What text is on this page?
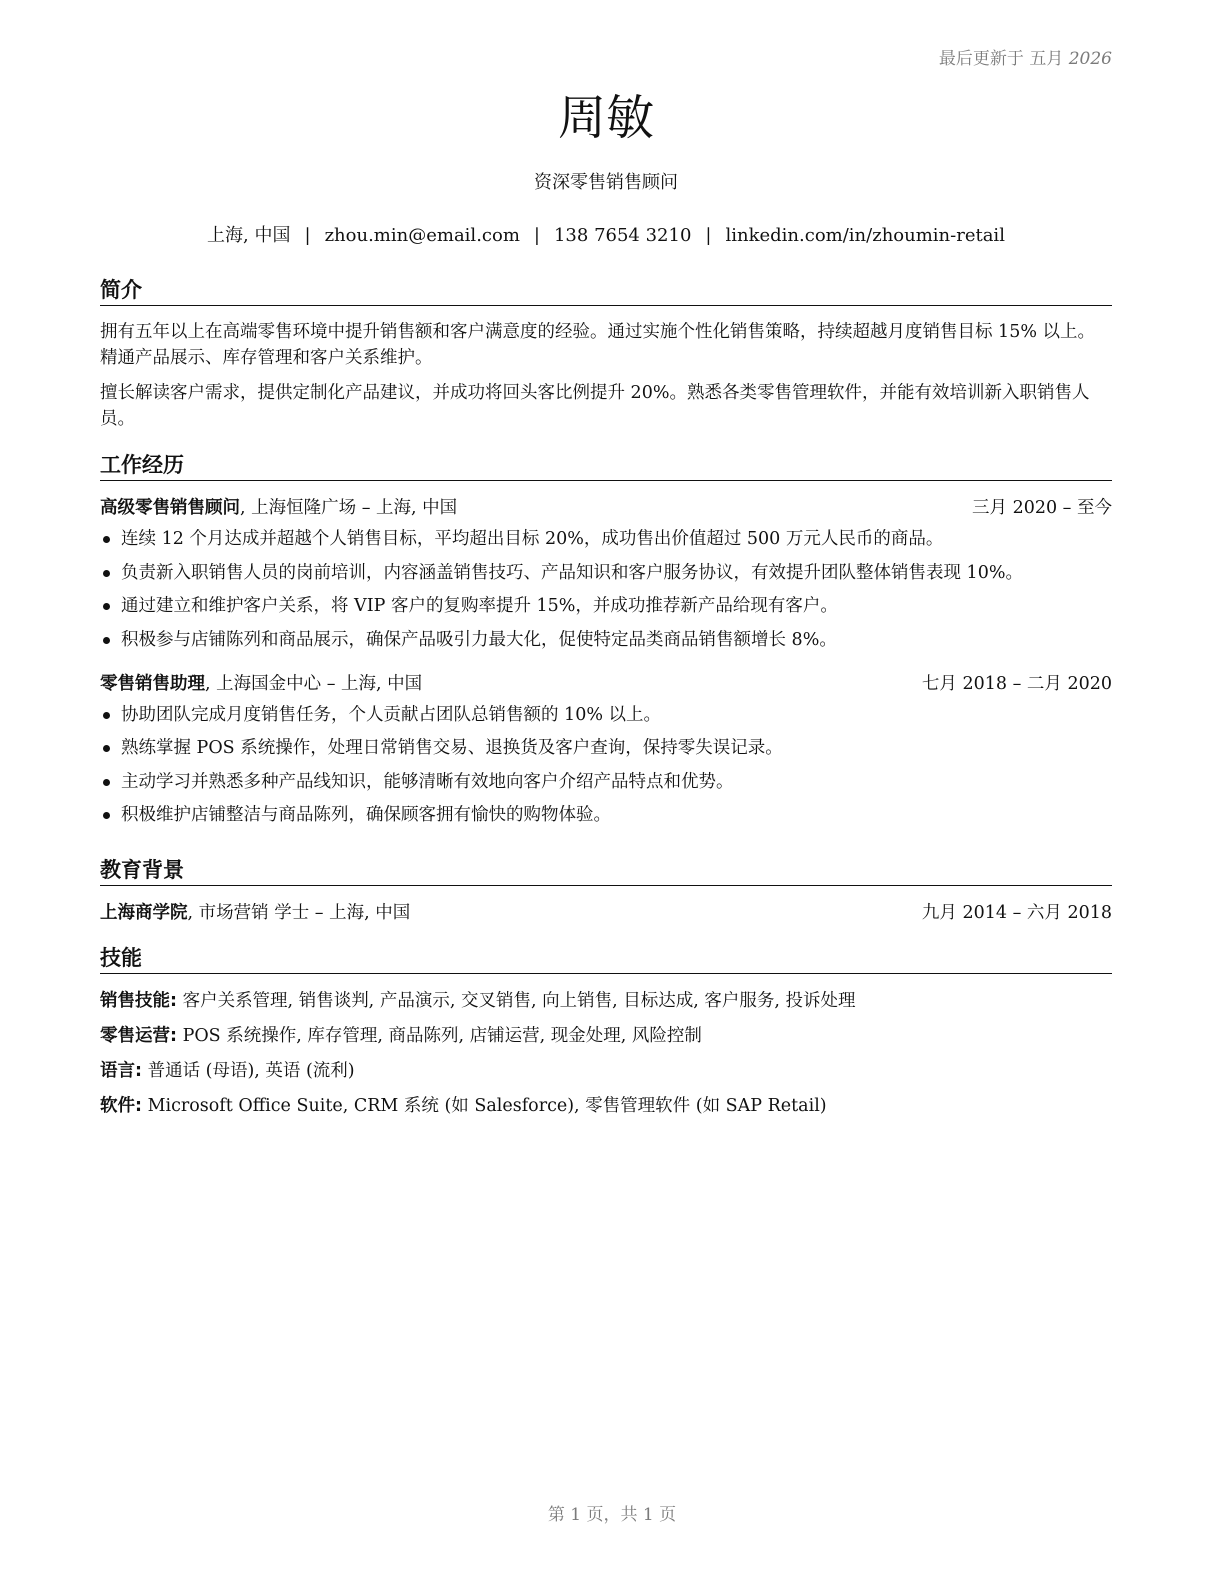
最后更新于 五月 2026
周敏
资深零售销售顾问
上海, 中国 | zhou.min@email.com | 138 7654 3210 | linkedin.com/in/zhoumin-retail
简介

拥有五年以上在高端零售环境中提升销售额和客户满意度的经验。通过实施个性化销售策略，持续超越月度销售目标 15% 以上。精通产品展示、库存管理和客户关系维护。

擅长解读客户需求，提供定制化产品建议，并成功将回头客比例提升 20%。熟悉各类零售管理软件，并能有效培训新入职销售人员。

工作经历
高级零售销售顾问, 上海恒隆广场 – 上海, 中国	三月 2020 – 至今
连续 12 个月达成并超越个人销售目标，平均超出目标 20%，成功售出价值超过 500 万元人民币的商品。
负责新入职销售人员的岗前培训，内容涵盖销售技巧、产品知识和客户服务协议，有效提升团队整体销售表现 10%。
通过建立和维护客户关系，将 VIP 客户的复购率提升 15%，并成功推荐新产品给现有客户。
积极参与店铺陈列和商品展示，确保产品吸引力最大化，促使特定品类商品销售额增长 8%。
零售销售助理, 上海国金中心 – 上海, 中国	七月 2018 – 二月 2020
协助团队完成月度销售任务，个人贡献占团队总销售额的 10% 以上。
熟练掌握 POS 系统操作，处理日常销售交易、退换货及客户查询，保持零失误记录。
主动学习并熟悉多种产品线知识，能够清晰有效地向客户介绍产品特点和优势。
积极维护店铺整洁与商品陈列，确保顾客拥有愉快的购物体验。
教育背景
上海商学院, 市场营销 学士 – 上海, 中国	九月 2014 – 六月 2018
技能
销售技能: 客户关系管理, 销售谈判, 产品演示, 交叉销售, 向上销售, 目标达成, 客户服务, 投诉处理
零售运营: POS 系统操作, 库存管理, 商品陈列, 店铺运营, 现金处理, 风险控制
语言: 普通话 (母语), 英语 (流利)
软件: Microsoft Office Suite, CRM 系统 (如 Salesforce), 零售管理软件 (如 SAP Retail)
第 1 页，共 1 页
